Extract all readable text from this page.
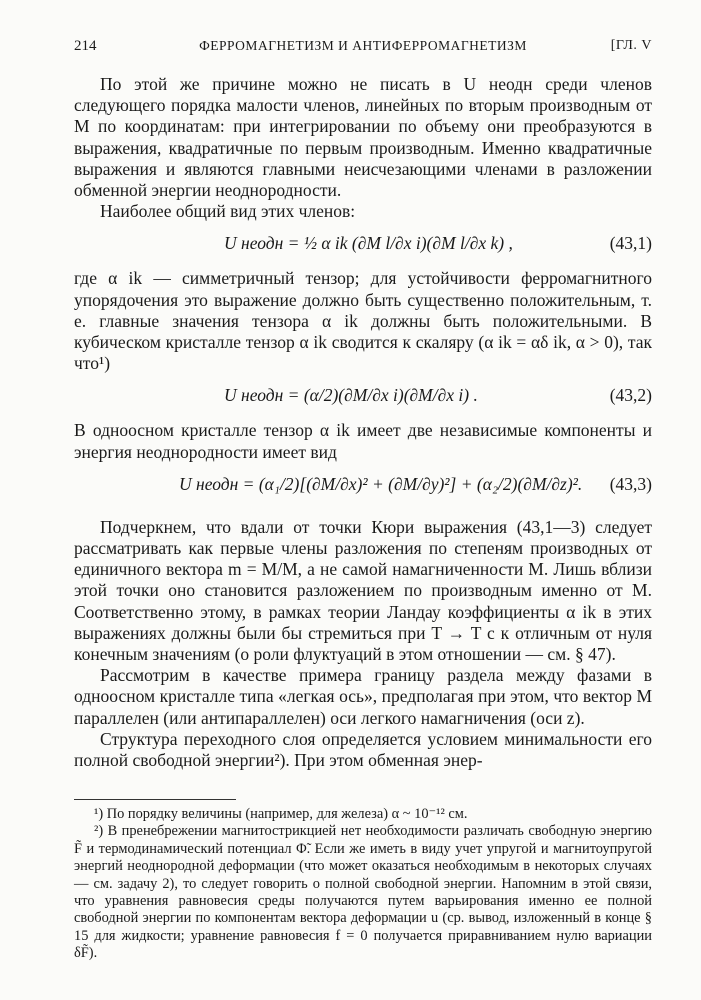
214	ФЕРРОМАГНЕТИЗМ И АНТИФЕРРОМАГНЕТИЗМ	[ГЛ. V

По этой же причине можно не писать в U неодн среди членов следующего порядка малости членов, линейных по вторым производным от M по координатам: при интегрировании по объему они преобразуются в выражения, квадратичные по первым производным. Именно квадратичные выражения и являются главными неисчезающими членами в разложении обменной энергии неоднородности.

Наиболее общий вид этих членов:

U неодн = ½ α ik (∂M l/∂x i)(∂M l/∂x k) ,	(43,1)

где α ik — симметричный тензор; для устойчивости ферромагнитного упорядочения это выражение должно быть существенно положительным, т. е. главные значения тензора α ik должны быть положительными. В кубическом кристалле тензор α ik сводится к скаляру (α ik = αδ ik, α > 0), так что¹)

U неодн = (α/2)(∂M/∂x i)(∂M/∂x i) .	(43,2)

В одноосном кристалле тензор α ik имеет две независимые компоненты и энергия неоднородности имеет вид

U неодн = (α₁/2)[(∂M/∂x)² + (∂M/∂y)²] + (α₂/2)(∂M/∂z)². (43,3)

Подчеркнем, что вдали от точки Кюри выражения (43,1—3) следует рассматривать как первые члены разложения по степеням производных от единичного вектора m = M/M, а не самой намагниченности M. Лишь вблизи этой точки оно становится разложением по производным именно от M. Соответственно этому, в рамках теории Ландау коэффициенты α ik в этих выражениях должны были бы стремиться при T → T c к отличным от нуля конечным значениям (о роли флуктуаций в этом отношении — см. § 47).

Рассмотрим в качестве примера границу раздела между фазами в одноосном кристалле типа «легкая ось», предполагая при этом, что вектор M параллелен (или антипараллелен) оси легкого намагничения (оси z).

Структура переходного слоя определяется условием минимальности его полной свободной энергии²). При этом обменная энер-

¹) По порядку величины (например, для железа) α ~ 10⁻¹² см.

²) В пренебрежении магнитострикцией нет необходимости различать свободную энергию F̃ и термодинамический потенциал Φ̃. Если же иметь в виду учет упругой и магнитоупругой энергий неоднородной деформации (что может оказаться необходимым в некоторых случаях — см. задачу 2), то следует говорить о полной свободной энергии. Напомним в этой связи, что уравнения равновесия среды получаются путем варьирования именно ее полной свободной энергии по компонентам вектора деформации u (ср. вывод, изложенный в конце § 15 для жидкости; уравнение равновесия f = 0 получается приравниванием нулю вариации δF̃).
